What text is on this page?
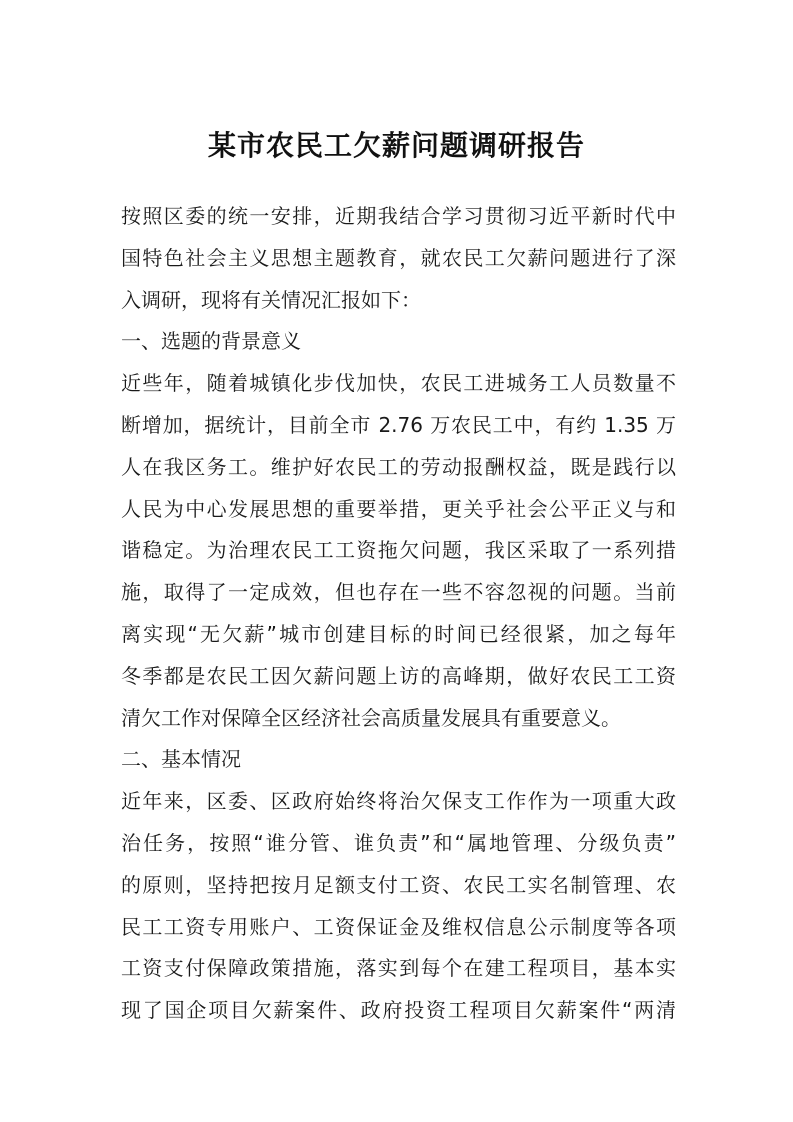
某市农民工欠薪问题调研报告
按照区委的统一安排，近期我结合学习贯彻习近平新时代中
国特色社会主义思想主题教育，就农民工欠薪问题进行了深
入调研，现将有关情况汇报如下：
一、选题的背景意义
近些年，随着城镇化步伐加快，农民工进城务工人员数量不
断增加，据统计，目前全市 2.76 万农民工中，有约 1.35 万
人在我区务工。维护好农民工的劳动报酬权益，既是践行以
人民为中心发展思想的重要举措，更关乎社会公平正义与和
谐稳定。为治理农民工工资拖欠问题，我区采取了一系列措
施，取得了一定成效，但也存在一些不容忽视的问题。当前
离实现“无欠薪”城市创建目标的时间已经很紧，加之每年
冬季都是农民工因欠薪问题上访的高峰期，做好农民工工资
清欠工作对保障全区经济社会高质量发展具有重要意义。
二、基本情况
近年来，区委、区政府始终将治欠保支工作作为一项重大政
治任务，按照“谁分管、谁负责”和“属地管理、分级负责”
的原则，坚持把按月足额支付工资、农民工实名制管理、农
民工工资专用账户、工资保证金及维权信息公示制度等各项
工资支付保障政策措施，落实到每个在建工程项目，基本实
现了国企项目欠薪案件、政府投资工程项目欠薪案件“两清
